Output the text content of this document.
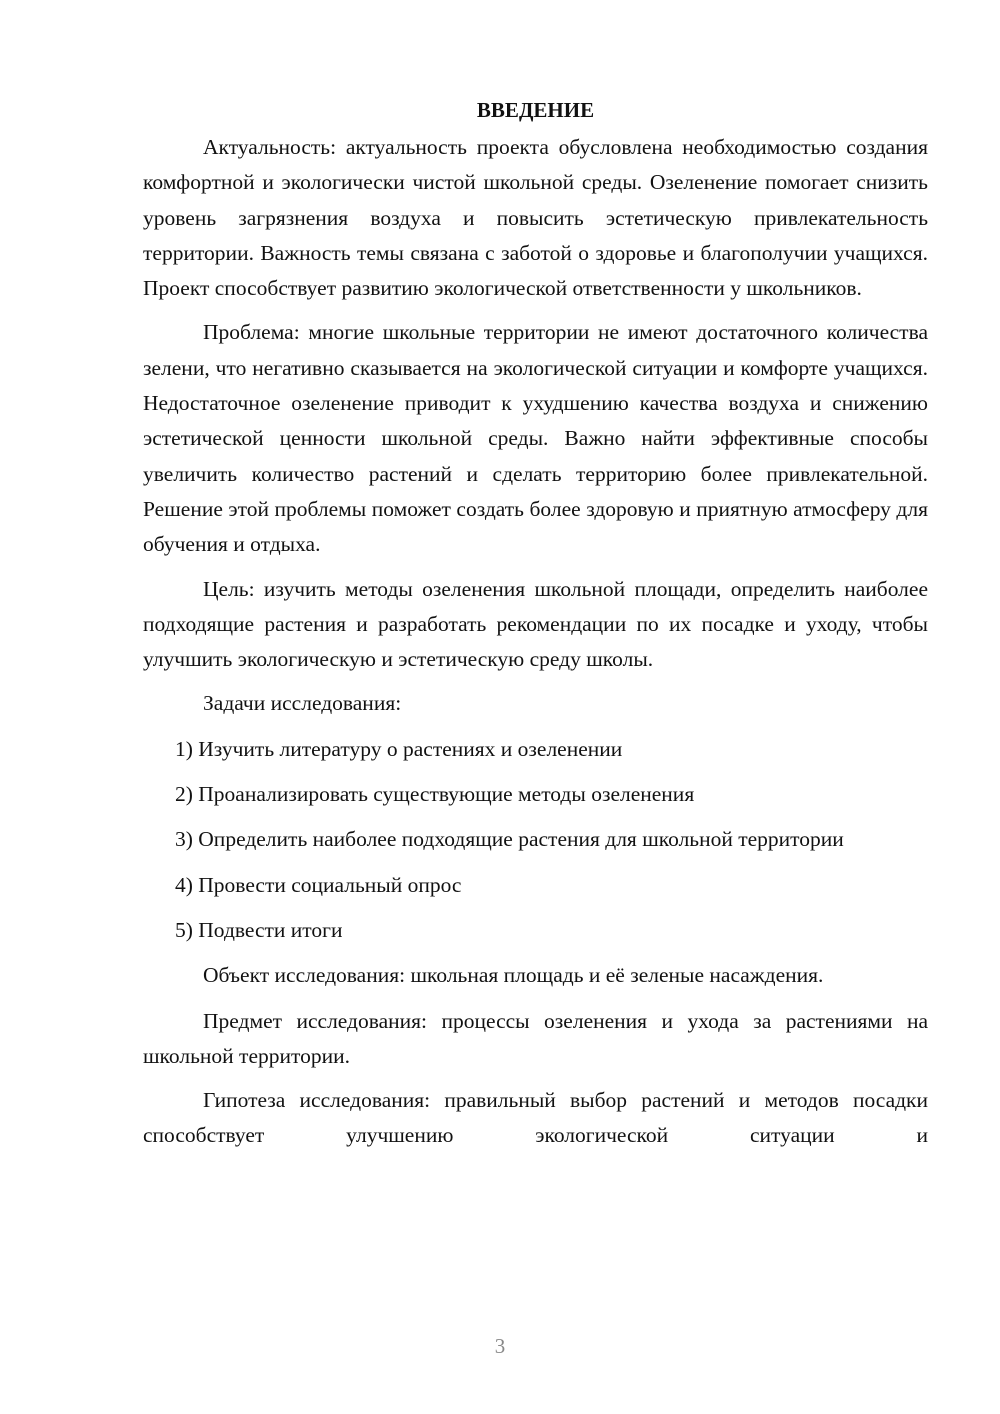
ВВЕДЕНИЕ

Актуальность: актуальность проекта обусловлена необходимостью создания комфортной и экологически чистой школьной среды. Озеленение помогает снизить уровень загрязнения воздуха и повысить эстетическую привлекательность территории. Важность темы связана с заботой о здоровье и благополучии учащихся. Проект способствует развитию экологической ответственности у школьников.

Проблема: многие школьные территории не имеют достаточного количества зелени, что негативно сказывается на экологической ситуации и комфорте учащихся. Недостаточное озеленение приводит к ухудшению качества воздуха и снижению эстетической ценности школьной среды. Важно найти эффективные способы увеличить количество растений и сделать территорию более привлекательной. Решение этой проблемы поможет создать более здоровую и приятную атмосферу для обучения и отдыха.

Цель: изучить методы озеленения школьной площади, определить наиболее подходящие растения и разработать рекомендации по их посадке и уходу, чтобы улучшить экологическую и эстетическую среду школы.

Задачи исследования:

1) Изучить литературу о растениях и озеленении

2) Проанализировать существующие методы озеленения

3) Определить наиболее подходящие растения для школьной территории

4) Провести социальный опрос

5) Подвести итоги

Объект исследования: школьная площадь и её зеленые насаждения.

Предмет исследования: процессы озеленения и ухода за растениями на школьной территории.

Гипотеза исследования: правильный выбор растений и методов посадки способствует улучшению экологической ситуации и

3
